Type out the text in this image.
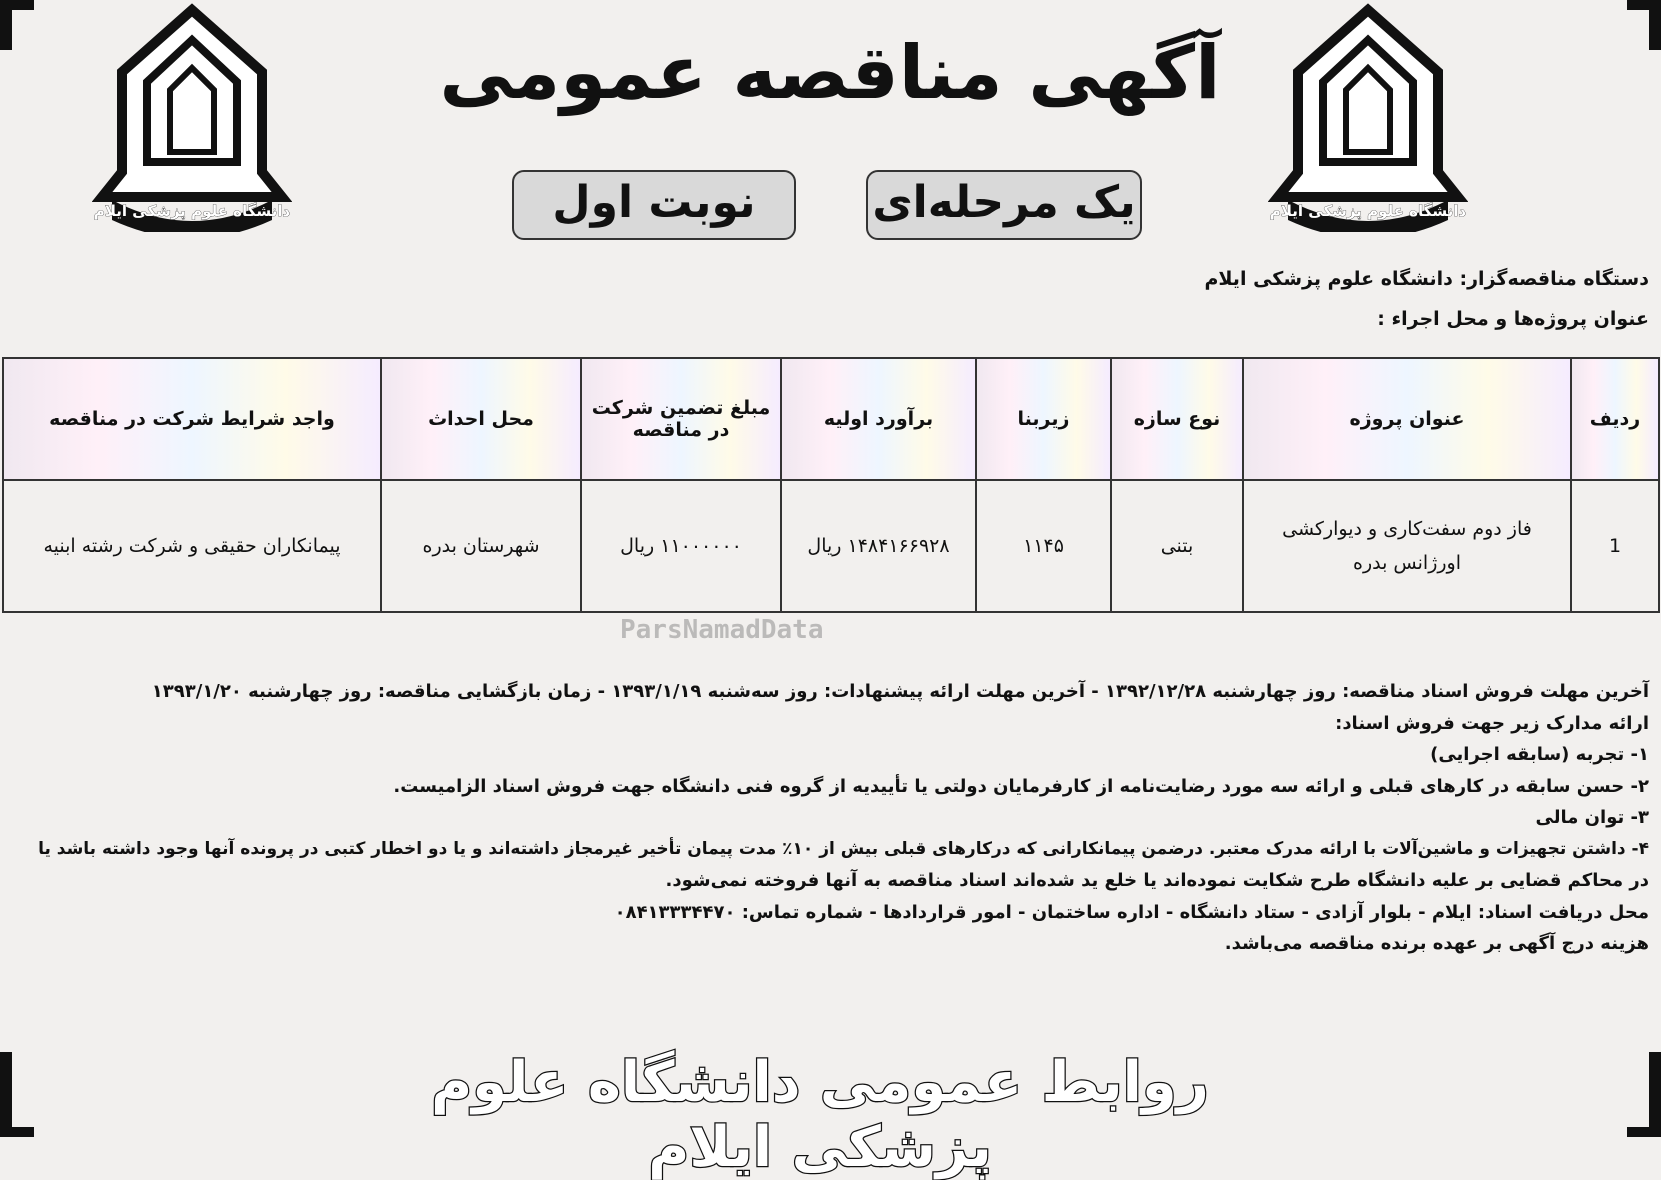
دانشگاه علوم پزشکی ایلام	دانشگاه علوم پزشکی ایلام
آگهی مناقصه عمومی
یک مرحله‌ای
نوبت اول
دستگاه مناقصه‌گزار: دانشگاه علوم پزشکی ایلام
عنوان پروژه‌ها و محل اجراء :
ردیف	عنوان پروژه	نوع سازه	زیربنا	برآورد اولیه	مبلغ تضمین شرکت در مناقصه	محل احداث	واجد شرایط شرکت در مناقصه
1	فاز دوم سفت‌کاری و دیوارکشی اورژانس بدره	بتنی	۱۱۴۵	۱۴۸۴۱۶۶۹۲۸ ریال	۱۱۰۰۰۰۰۰ ریال	شهرستان بدره	پیمانکاران حقیقی و شرکت رشته ابنیه
ParsNamadData
آخرین مهلت فروش اسناد مناقصه: روز چهارشنبه ۱۳۹۲/۱۲/۲۸ - آخرین مهلت ارائه پیشنهادات: روز سه‌شنبه ۱۳۹۳/۱/۱۹ - زمان بازگشایی مناقصه: روز چهارشنبه ۱۳۹۳/۱/۲۰
ارائه مدارک زیر جهت فروش اسناد:
۱- تجربه (سابقه اجرایی)
۲- حسن سابقه در کارهای قبلی و ارائه سه مورد رضایت‌نامه از کارفرمایان دولتی یا تأییدیه از گروه فنی دانشگاه جهت فروش اسناد الزامیست.
۳- توان مالی
۴- داشتن تجهیزات و ماشین‌آلات با ارائه مدرک معتبر. درضمن پیمانکارانی که درکارهای قبلی بیش از ۱۰٪ مدت پیمان تأخیر غیرمجاز داشته‌اند و یا دو اخطار کتبی در پرونده آنها وجود داشته باشد یا
در محاکم قضایی بر علیه دانشگاه طرح شکایت نموده‌اند یا خلع ید شده‌اند اسناد مناقصه به آنها فروخته نمی‌شود.
محل دریافت اسناد: ایلام - بلوار آزادی - ستاد دانشگاه - اداره ساختمان - امور قراردادها - شماره تماس: ۰۸۴۱۳۳۳۴۴۷۰
هزینه درج آگهی بر عهده برنده مناقصه می‌باشد.
روابط عمومی دانشگاه علوم پزشکی ایلام
